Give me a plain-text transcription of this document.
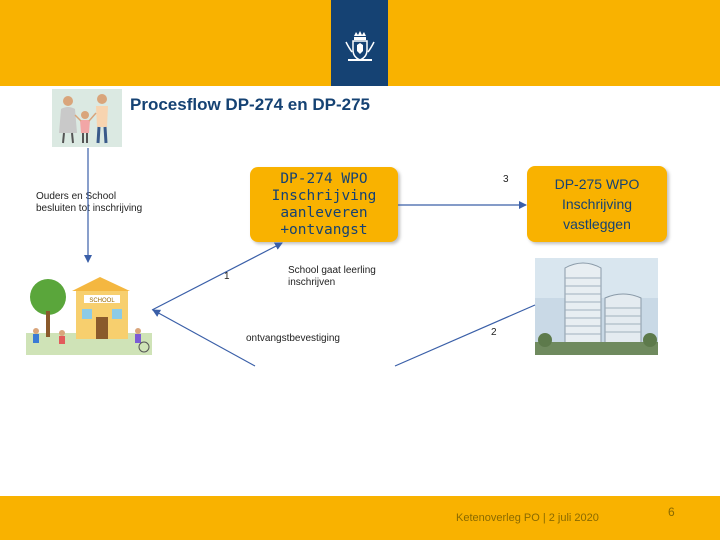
Procesflow DP-274 en DP-275
Ouders en School besluiten tot inschrijving
SCHOOL
DP-274 WPO
Inschrijving
aanleveren
+ontvangst
DP-275 WPO
Inschrijving
vastleggen
1
3
2
School gaat leerling inschrijven
ontvangstbevestiging
Ketenoverleg PO | 2 juli 2020	6
